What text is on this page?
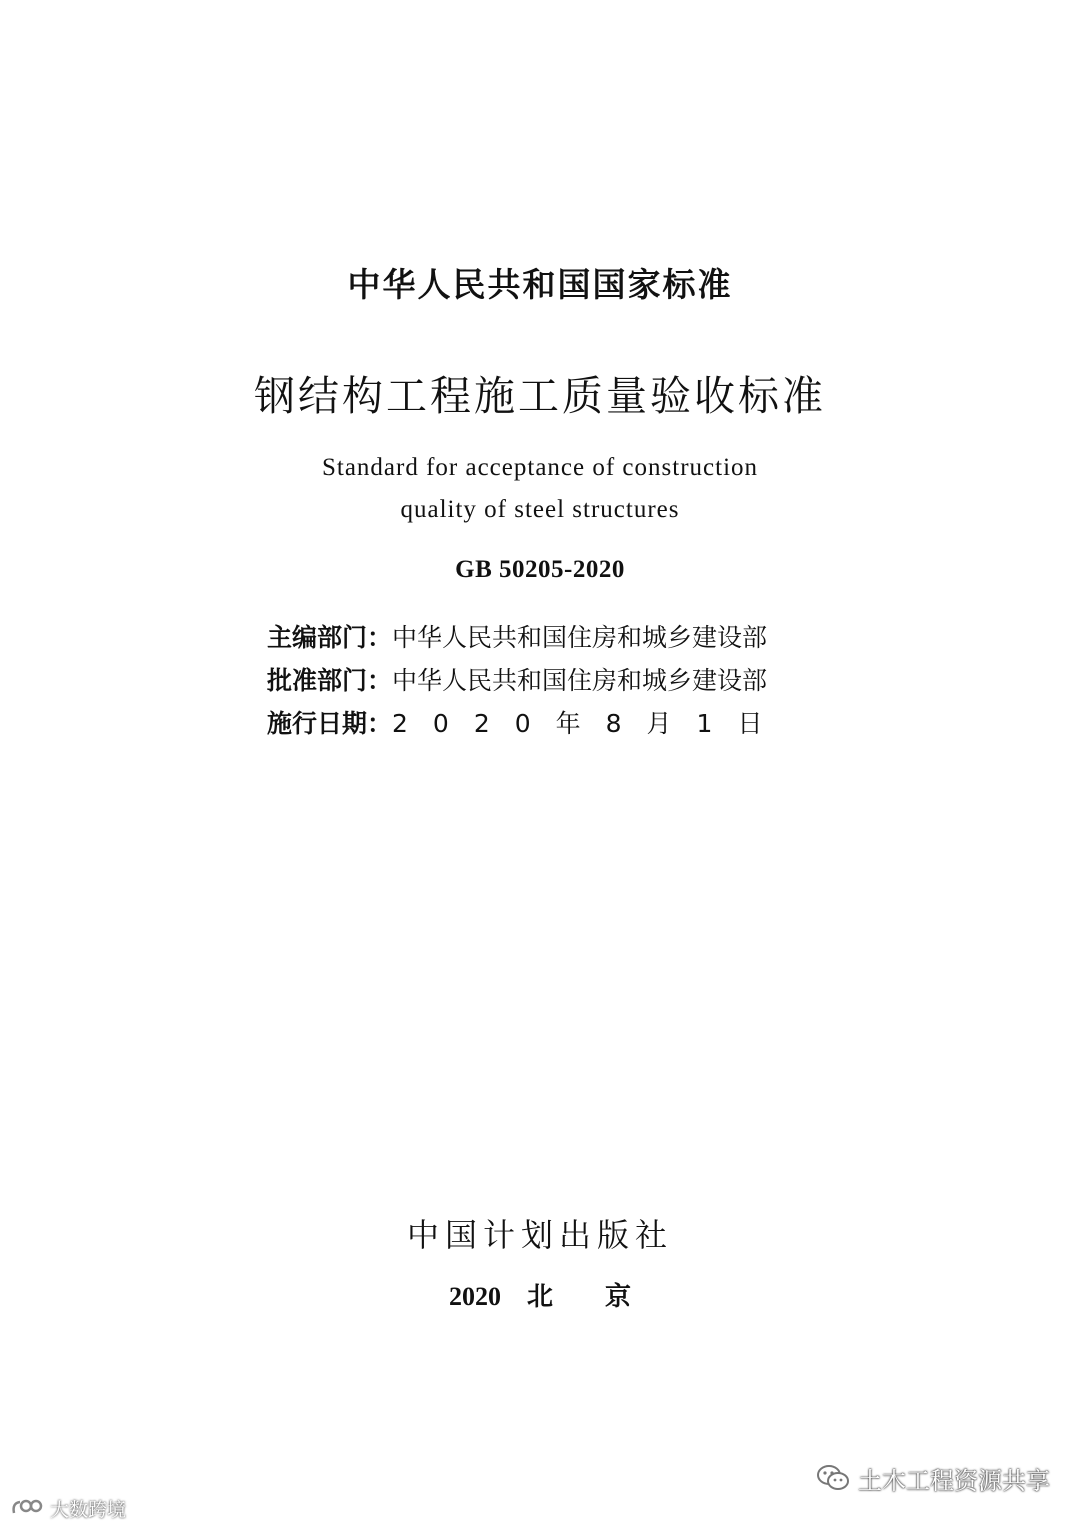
中华人民共和国国家标准
钢结构工程施工质量验收标准
Standard for acceptance of construction
quality of steel structures
GB 50205-2020
主编部门：中华人民共和国住房和城乡建设部
批准部门：中华人民共和国住房和城乡建设部
施行日期：2　0　2　0　年　8　月　1　日
中国计划出版社
2020 北京
土木工程资源共享
大数跨境
